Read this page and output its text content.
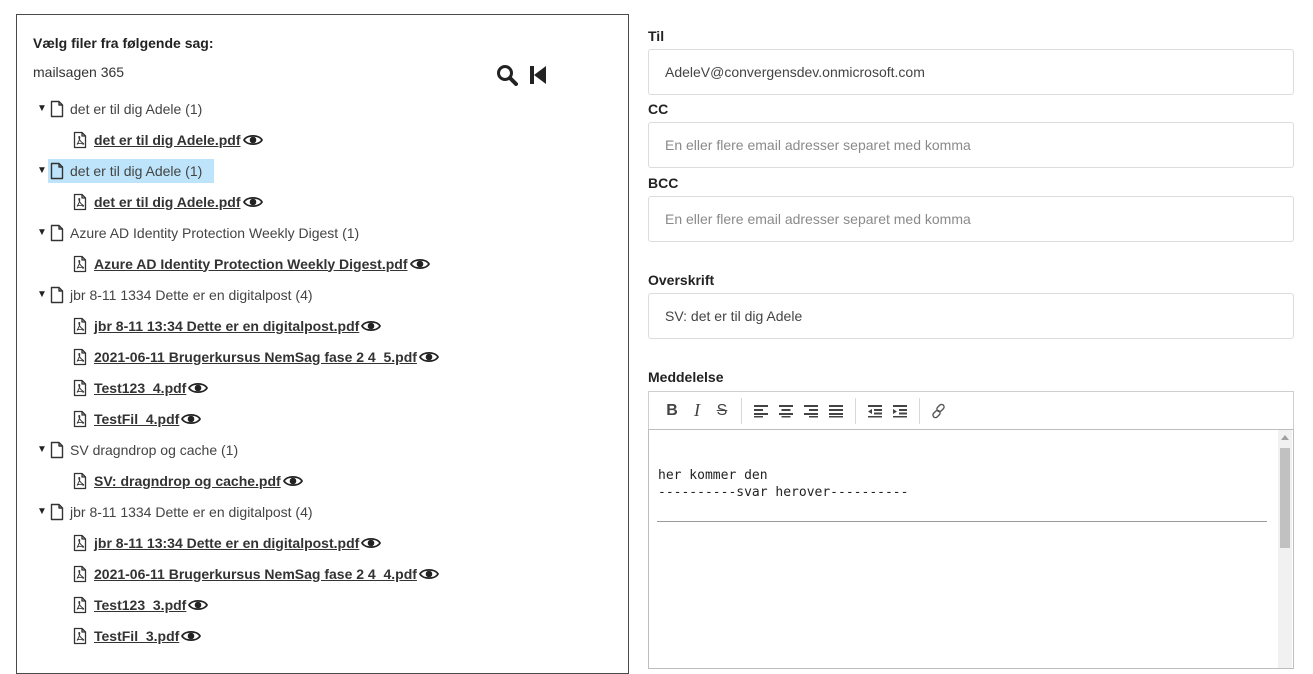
Vælg filer fra følgende sag:
mailsagen 365
▼ det er til dig Adele (1)
det er til dig Adele.pdf
▼ det er til dig Adele (1)
det er til dig Adele.pdf
▼ Azure AD Identity Protection Weekly Digest (1)
Azure AD Identity Protection Weekly Digest.pdf
▼ jbr 8-11 1334 Dette er en digitalpost (4)
jbr 8-11 13:34 Dette er en digitalpost.pdf
2021-06-11 Brugerkursus NemSag fase 2 4_5.pdf
Test123_4.pdf
TestFil_4.pdf
▼ SV dragndrop og cache (1)
SV: dragndrop og cache.pdf
▼ jbr 8-11 1334 Dette er en digitalpost (4)
jbr 8-11 13:34 Dette er en digitalpost.pdf
2021-06-11 Brugerkursus NemSag fase 2 4_4.pdf
Test123_3.pdf
TestFil_3.pdf
Til
AdeleV@convergensdev.onmicrosoft.com
CC
En eller flere email adresser separet med komma
BCC
En eller flere email adresser separet med komma
Overskrift
SV: det er til dig Adele
Meddelelse
B I	S
her kommer den
----------svar herover----------
